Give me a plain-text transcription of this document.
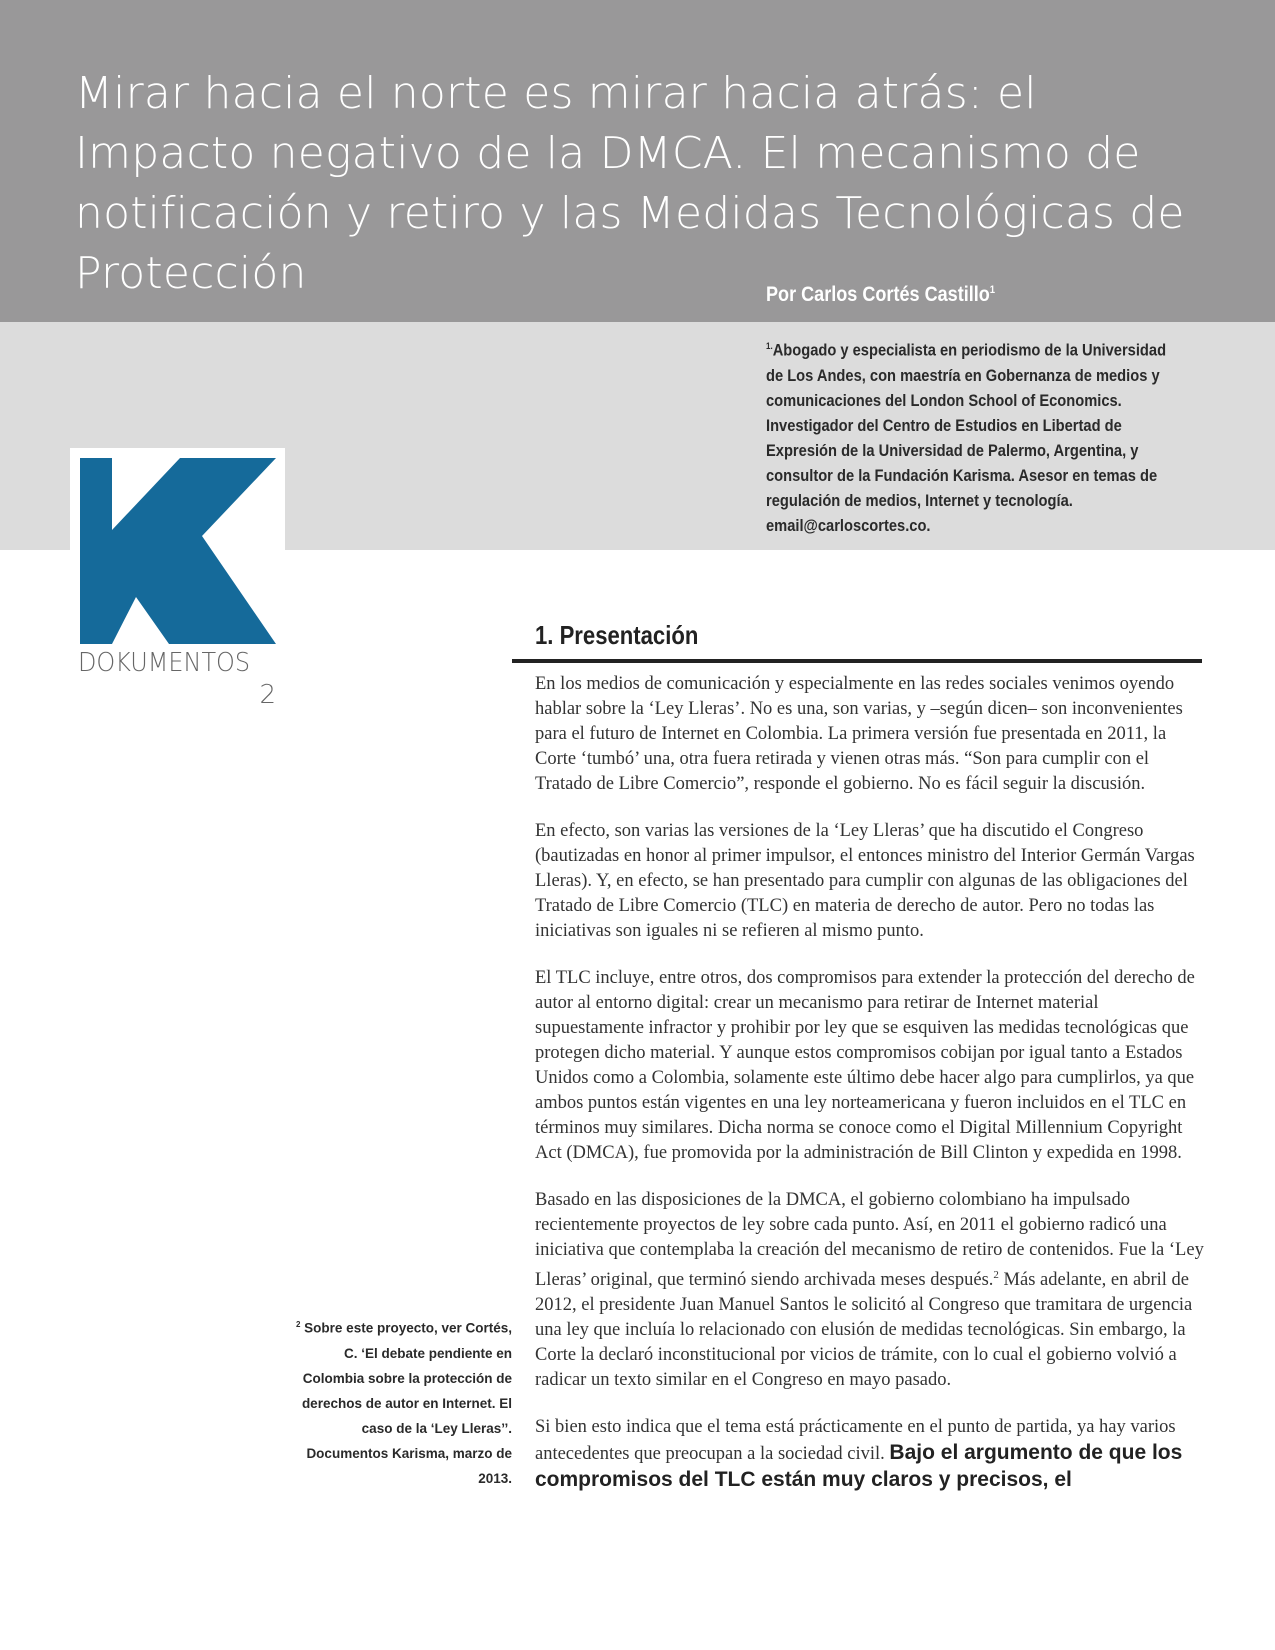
Mirar hacia el norte es mirar hacia atrás: el Impacto negativo de la DMCA. El mecanismo de notificación y retiro y las Medidas Tecnológicas de Protección	Por Carlos Cortés Castillo$^1$
$^{1.}$Abogado y especialista en periodismo de la Universidad de Los Andes, con maestría en Gobernanza de medios y comunicaciones del London School of Economics. Investigador del Centro de Estudios en Libertad de Expresión de la Universidad de Palermo, Argentina, y consultor de la Fundación Karisma. Asesor en temas de regulación de medios, Internet y tecnología. email@carloscortes.co.
DOKUMENTOS
2
1. Presentación

En los medios de comunicación y especialmente en las redes sociales venimos oyendo hablar sobre la ‘Ley Lleras’. No es una, son varias, y –según dicen– son inconvenientes para el futuro de Internet en Colombia. La primera versión fue presentada en 2011, la Corte ‘tumbó’ una, otra fuera retirada y vienen otras más. “Son para cumplir con el Tratado de Libre Comercio”, responde el gobierno. No es fácil seguir la discusión.

En efecto, son varias las versiones de la ‘Ley Lleras’ que ha discutido el Congreso (bautizadas en honor al primer impulsor, el entonces ministro del Interior Germán Vargas Lleras). Y, en efecto, se han presentado para cumplir con algunas de las obligaciones del Tratado de Libre Comercio (TLC) en materia de derecho de autor. Pero no todas las iniciativas son iguales ni se refieren al mismo punto.

El TLC incluye, entre otros, dos compromisos para extender la protección del derecho de autor al entorno digital: crear un mecanismo para retirar de Internet material supuestamente infractor y prohibir por ley que se esquiven las medidas tecnológicas que protegen dicho material. Y aunque estos compromisos cobijan por igual tanto a Estados Unidos como a Colombia, solamente este último debe hacer algo para cumplirlos, ya que ambos puntos están vigentes en una ley norteamericana y fueron incluidos en el TLC en términos muy similares. Dicha norma se conoce como el Digital Millennium Copyright Act (DMCA), fue promovida por la administración de Bill Clinton y expedida en 1998.

Basado en las disposiciones de la DMCA, el gobierno colombiano ha impulsado recientemente proyectos de ley sobre cada punto. Así, en 2011 el gobierno radicó una iniciativa que contemplaba la creación del mecanismo de retiro de contenidos. Fue la ‘Ley Lleras’ original, que terminó siendo archivada meses después.$^2$ Más adelante, en abril de 2012, el presidente Juan Manuel Santos le solicitó al Congreso que tramitara de urgencia una ley que incluía lo relacionado con elusión de medidas tecnológicas. Sin embargo, la Corte la declaró inconstitucional por vicios de trámite, con lo cual el gobierno volvió a radicar un texto similar en el Congreso en mayo pasado.

Si bien esto indica que el tema está prácticamente en el punto de partida, ya hay varios antecedentes que preocupan a la sociedad civil. Bajo el argumento de que los compromisos del TLC están muy claros y precisos, el

$^2$ Sobre este proyecto, ver Cortés, C. ‘El debate pendiente en Colombia sobre la protección de derechos de autor en Internet. El caso de la ‘Ley Lleras’’. Documentos Karisma, marzo de 2013.
